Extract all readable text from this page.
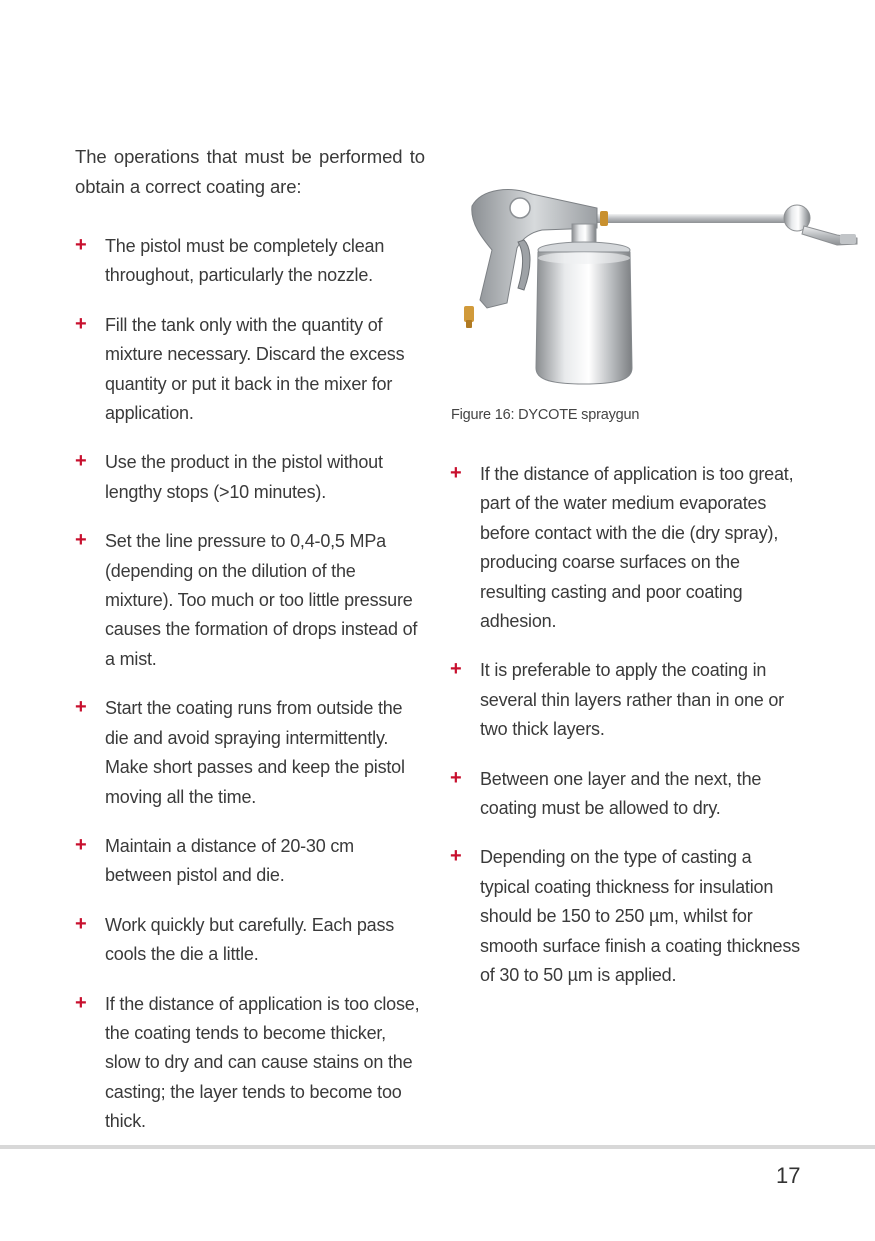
The operations that must be performed to obtain a correct coating are:

+ The pistol must be completely clean throughout, particularly the nozzle.
+ Fill the tank only with the quantity of mixture necessary. Discard the excess quantity or put it back in the mixer for application.
+ Use the product in the pistol without lengthy stops (>10 minutes).
+ Set the line pressure to 0,4-0,5 MPa (depending on the dilution of the mixture). Too much or too little pressure causes the formation of drops instead of a mist.
+ Start the coating runs from outside the die and avoid spraying intermittently. Make short passes and keep the pistol moving all the time.
+ Maintain a distance of 20-30 cm between pistol and die.
+ Work quickly but carefully. Each pass cools the die a little.
+ If the distance of application is too close, the coating tends to become thicker, slow to dry and can cause stains on the casting; the layer tends to become too thick.
Figure 16: DYCOTE spraygun
+ If the distance of application is too great, part of the water medium evaporates before contact with the die (dry spray), producing coarse surfaces on the resulting casting and poor coating adhesion.
+ It is preferable to apply the coating in several thin layers rather than in one or two thick layers.
+ Between one layer and the next, the coating must be allowed to dry.
+ Depending on the type of casting a typical coating thickness for insulation should be 150 to 250 µm, whilst for smooth surface finish a coating thickness of 30 to 50 µm is applied.
17
